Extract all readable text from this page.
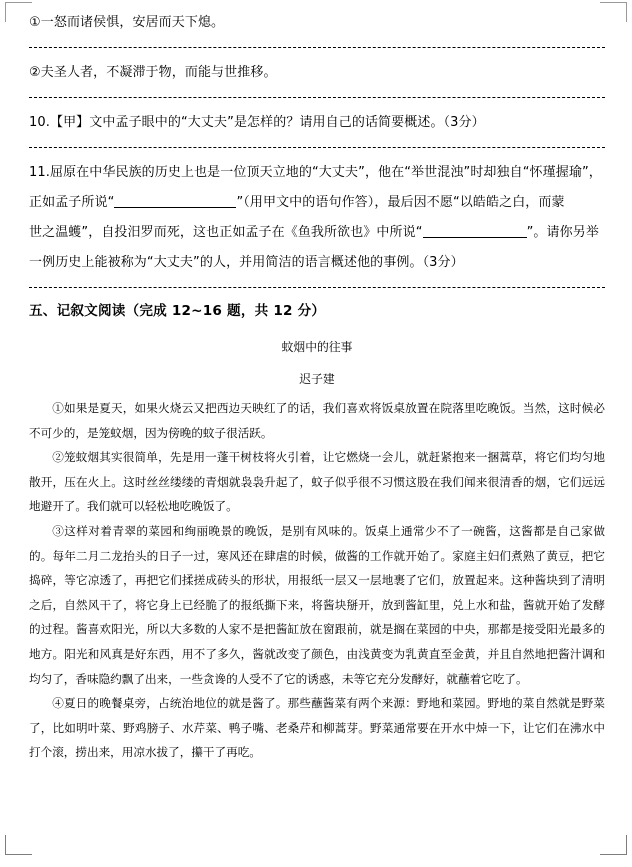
①一怒而诸侯惧，安居而天下熄。
②夫圣人者，不凝滞于物，而能与世推移。
10.【甲】文中孟子眼中的“大丈夫”是怎样的？请用自己的话简要概述。（3分）
11.屈原在中华民族的历史上也是一位顶天立地的“大丈夫”，他在“举世混浊”时却独自“怀瑾握瑜”，
正如孟子所说“	”（用甲文中的语句作答），最后因不愿“以皓皓之白，而蒙
世之温蠖”，自投汨罗而死，这也正如孟子在《鱼我所欲也》中所说“	”。请你另举
一例历史上能被称为“大丈夫”的人，并用简洁的语言概述他的事例。（3分）
五、记叙文阅读（完成 12~16 题，共 12 分）
蚊烟中的往事
迟子建

①如果是夏天，如果火烧云又把西边天映红了的话，我们喜欢将饭桌放置在院落里吃晚饭。当然，这时候必不可少的，是笼蚊烟，因为傍晚的蚊子很活跃。

②笼蚊烟其实很简单，先是用一蓬干树枝将火引着，让它燃烧一会儿，就赶紧抱来一捆蒿草，将它们均匀地散开，压在火上。这时丝丝缕缕的青烟就袅袅升起了，蚊子似乎很不习惯这股在我们闻来很清香的烟，它们远远地避开了。我们就可以轻松地吃晚饭了。

③这样对着青翠的菜园和绚丽晚景的晚饭，是别有风味的。饭桌上通常少不了一碗酱，这酱都是自己家做的。每年二月二龙抬头的日子一过，寒风还在肆虐的时候，做酱的工作就开始了。家庭主妇们煮熟了黄豆，把它捣碎，等它凉透了，再把它们揉搓成砖头的形状，用报纸一层又一层地裹了它们，放置起来。这种酱块到了清明之后，自然风干了，将它身上已经脆了的报纸撕下来，将酱块掰开，放到酱缸里，兑上水和盐，酱就开始了发酵的过程。酱喜欢阳光，所以大多数的人家不是把酱缸放在窗跟前，就是搁在菜园的中央，那都是接受阳光最多的地方。阳光和风真是好东西，用不了多久，酱就改变了颜色，由浅黄变为乳黄直至金黄，并且自然地把酱汁调和均匀了，香味隐约飘了出来，一些贪谗的人受不了它的诱惑，未等它充分发酵好，就蘸着它吃了。

④夏日的晚餐桌旁，占统治地位的就是酱了。那些蘸酱菜有两个来源：野地和菜园。野地的菜自然就是野菜了，比如明叶菜、野鸡膀子、水芹菜、鸭子嘴、老桑芹和柳蒿芽。野菜通常要在开水中焯一下，让它们在沸水中打个滚，捞出来，用凉水拔了，攥干了再吃。
